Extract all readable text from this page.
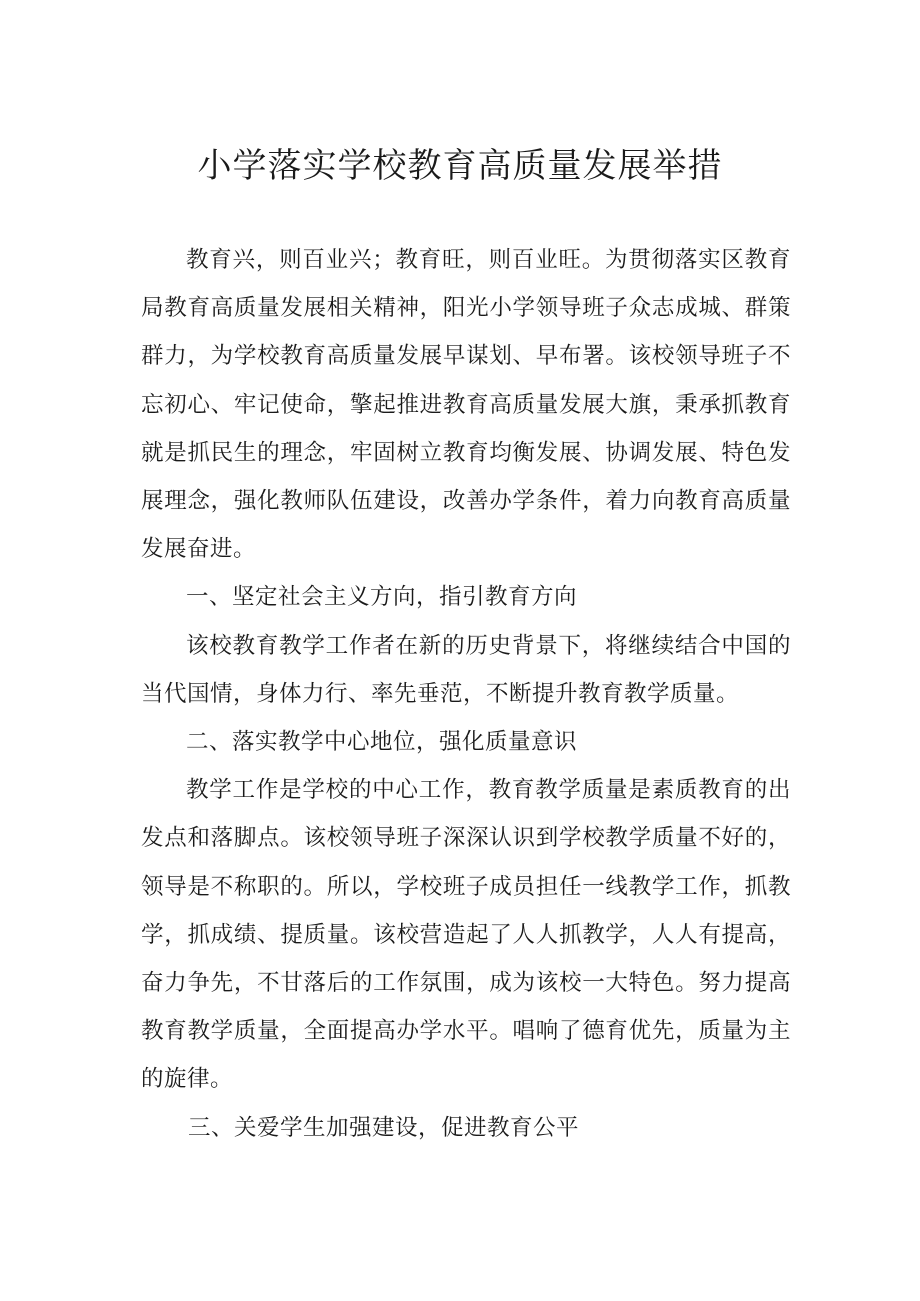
小学落实学校教育高质量发展举措

教育兴，则百业兴；教育旺，则百业旺。为贯彻落实区教育局教育高质量发展相关精神，阳光小学领导班子众志成城、群策群力，为学校教育高质量发展早谋划、早布署。该校领导班子不忘初心、牢记使命，擎起推进教育高质量发展大旗，秉承抓教育就是抓民生的理念，牢固树立教育均衡发展、协调发展、特色发展理念，强化教师队伍建设，改善办学条件，着力向教育高质量发展奋进。

一、坚定社会主义方向，指引教育方向

该校教育教学工作者在新的历史背景下，将继续结合中国的当代国情，身体力行、率先垂范，不断提升教育教学质量。

二、落实教学中心地位，强化质量意识

教学工作是学校的中心工作，教育教学质量是素质教育的出发点和落脚点。该校领导班子深深认识到学校教学质量不好的，领导是不称职的。所以，学校班子成员担任一线教学工作，抓教学，抓成绩、提质量。该校营造起了人人抓教学，人人有提高，奋力争先，不甘落后的工作氛围，成为该校一大特色。努力提高教育教学质量，全面提高办学水平。唱响了德育优先，质量为主的旋律。

三、关爱学生加强建设，促进教育公平
